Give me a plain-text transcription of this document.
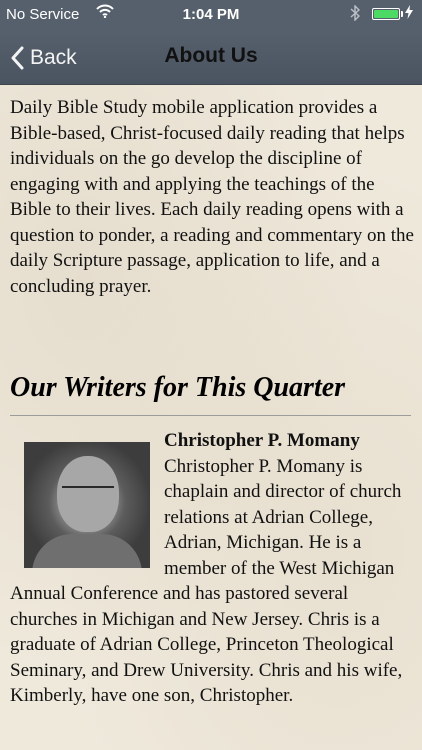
No Service	1:04 PM
Back	About Us

Daily Bible Study mobile application provides a Bible-based, Christ-focused daily reading that helps individuals on the go develop the discipline of engaging with and applying the teachings of the Bible to their lives. Each daily reading opens with a question to ponder, a reading and commentary on the daily Scripture passage, application to life, and a concluding prayer.

Our Writers for This Quarter
Christopher P. Momany
Christopher P. Momany is chaplain and director of church relations at Adrian College, Adrian, Michigan. He is a member of the West Michigan Annual Conference and has pastored several churches in Michigan and New Jersey. Chris is a graduate of Adrian College, Princeton Theological Seminary, and Drew University. Chris and his wife, Kimberly, have one son, Christopher.
